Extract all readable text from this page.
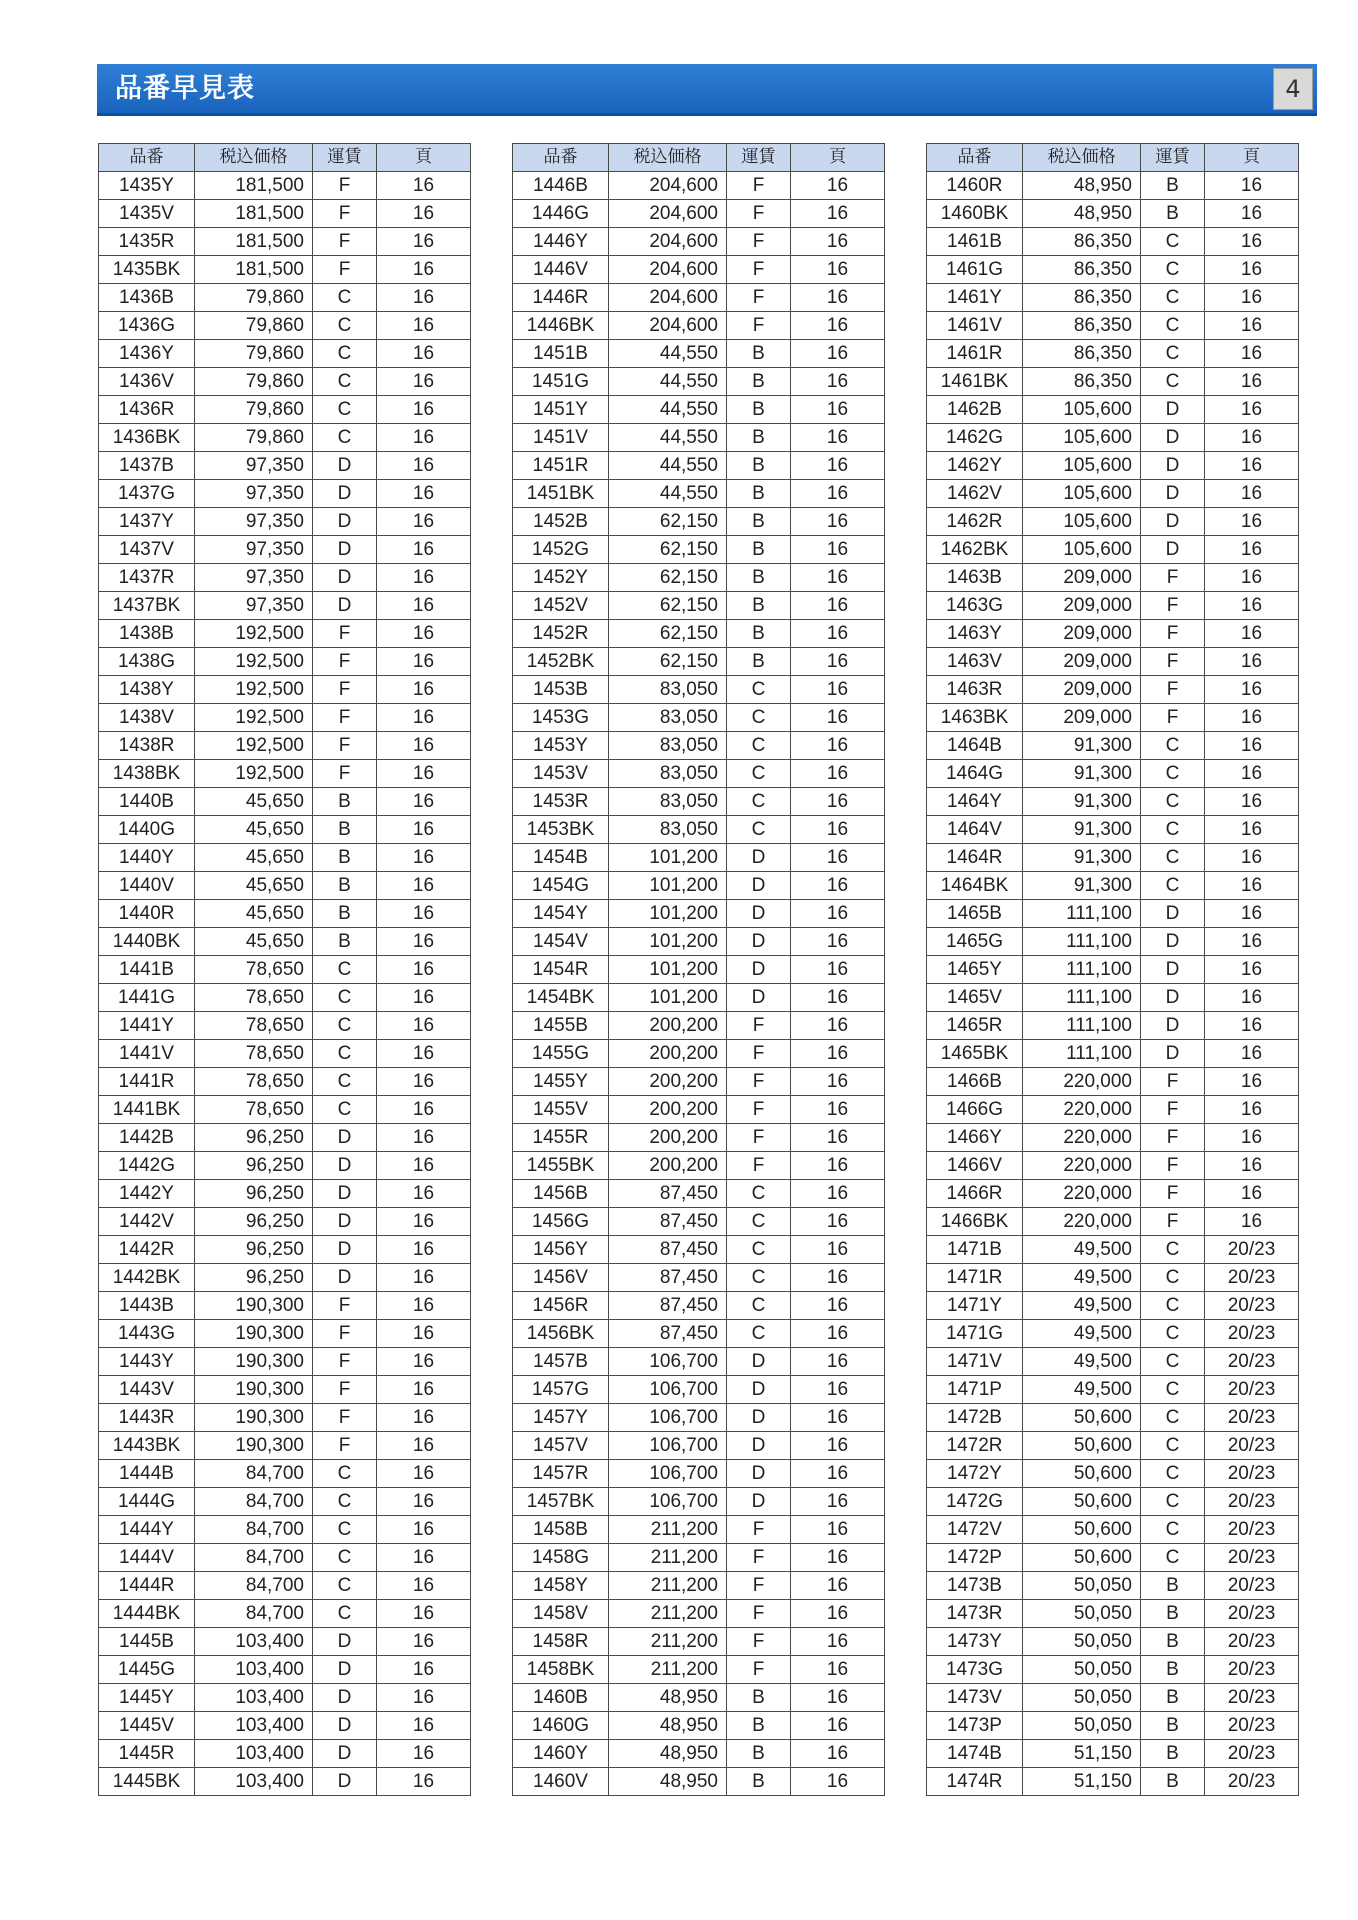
品番早見表	4
品番	税込価格	運賃	頁
1435Y	181,500	F	16
1435V	181,500	F	16
1435R	181,500	F	16
1435BK	181,500	F	16
1436B	79,860	C	16
1436G	79,860	C	16
1436Y	79,860	C	16
1436V	79,860	C	16
1436R	79,860	C	16
1436BK	79,860	C	16
1437B	97,350	D	16
1437G	97,350	D	16
1437Y	97,350	D	16
1437V	97,350	D	16
1437R	97,350	D	16
1437BK	97,350	D	16
1438B	192,500	F	16
1438G	192,500	F	16
1438Y	192,500	F	16
1438V	192,500	F	16
1438R	192,500	F	16
1438BK	192,500	F	16
1440B	45,650	B	16
1440G	45,650	B	16
1440Y	45,650	B	16
1440V	45,650	B	16
1440R	45,650	B	16
1440BK	45,650	B	16
1441B	78,650	C	16
1441G	78,650	C	16
1441Y	78,650	C	16
1441V	78,650	C	16
1441R	78,650	C	16
1441BK	78,650	C	16
1442B	96,250	D	16
1442G	96,250	D	16
1442Y	96,250	D	16
1442V	96,250	D	16
1442R	96,250	D	16
1442BK	96,250	D	16
1443B	190,300	F	16
1443G	190,300	F	16
1443Y	190,300	F	16
1443V	190,300	F	16
1443R	190,300	F	16
1443BK	190,300	F	16
1444B	84,700	C	16
1444G	84,700	C	16
1444Y	84,700	C	16
1444V	84,700	C	16
1444R	84,700	C	16
1444BK	84,700	C	16
1445B	103,400	D	16
1445G	103,400	D	16
1445Y	103,400	D	16
1445V	103,400	D	16
1445R	103,400	D	16
1445BK	103,400	D	16
品番	税込価格	運賃	頁
1446B	204,600	F	16
1446G	204,600	F	16
1446Y	204,600	F	16
1446V	204,600	F	16
1446R	204,600	F	16
1446BK	204,600	F	16
1451B	44,550	B	16
1451G	44,550	B	16
1451Y	44,550	B	16
1451V	44,550	B	16
1451R	44,550	B	16
1451BK	44,550	B	16
1452B	62,150	B	16
1452G	62,150	B	16
1452Y	62,150	B	16
1452V	62,150	B	16
1452R	62,150	B	16
1452BK	62,150	B	16
1453B	83,050	C	16
1453G	83,050	C	16
1453Y	83,050	C	16
1453V	83,050	C	16
1453R	83,050	C	16
1453BK	83,050	C	16
1454B	101,200	D	16
1454G	101,200	D	16
1454Y	101,200	D	16
1454V	101,200	D	16
1454R	101,200	D	16
1454BK	101,200	D	16
1455B	200,200	F	16
1455G	200,200	F	16
1455Y	200,200	F	16
1455V	200,200	F	16
1455R	200,200	F	16
1455BK	200,200	F	16
1456B	87,450	C	16
1456G	87,450	C	16
1456Y	87,450	C	16
1456V	87,450	C	16
1456R	87,450	C	16
1456BK	87,450	C	16
1457B	106,700	D	16
1457G	106,700	D	16
1457Y	106,700	D	16
1457V	106,700	D	16
1457R	106,700	D	16
1457BK	106,700	D	16
1458B	211,200	F	16
1458G	211,200	F	16
1458Y	211,200	F	16
1458V	211,200	F	16
1458R	211,200	F	16
1458BK	211,200	F	16
1460B	48,950	B	16
1460G	48,950	B	16
1460Y	48,950	B	16
1460V	48,950	B	16
品番	税込価格	運賃	頁
1460R	48,950	B	16
1460BK	48,950	B	16
1461B	86,350	C	16
1461G	86,350	C	16
1461Y	86,350	C	16
1461V	86,350	C	16
1461R	86,350	C	16
1461BK	86,350	C	16
1462B	105,600	D	16
1462G	105,600	D	16
1462Y	105,600	D	16
1462V	105,600	D	16
1462R	105,600	D	16
1462BK	105,600	D	16
1463B	209,000	F	16
1463G	209,000	F	16
1463Y	209,000	F	16
1463V	209,000	F	16
1463R	209,000	F	16
1463BK	209,000	F	16
1464B	91,300	C	16
1464G	91,300	C	16
1464Y	91,300	C	16
1464V	91,300	C	16
1464R	91,300	C	16
1464BK	91,300	C	16
1465B	111,100	D	16
1465G	111,100	D	16
1465Y	111,100	D	16
1465V	111,100	D	16
1465R	111,100	D	16
1465BK	111,100	D	16
1466B	220,000	F	16
1466G	220,000	F	16
1466Y	220,000	F	16
1466V	220,000	F	16
1466R	220,000	F	16
1466BK	220,000	F	16
1471B	49,500	C	20/23
1471R	49,500	C	20/23
1471Y	49,500	C	20/23
1471G	49,500	C	20/23
1471V	49,500	C	20/23
1471P	49,500	C	20/23
1472B	50,600	C	20/23
1472R	50,600	C	20/23
1472Y	50,600	C	20/23
1472G	50,600	C	20/23
1472V	50,600	C	20/23
1472P	50,600	C	20/23
1473B	50,050	B	20/23
1473R	50,050	B	20/23
1473Y	50,050	B	20/23
1473G	50,050	B	20/23
1473V	50,050	B	20/23
1473P	50,050	B	20/23
1474B	51,150	B	20/23
1474R	51,150	B	20/23
